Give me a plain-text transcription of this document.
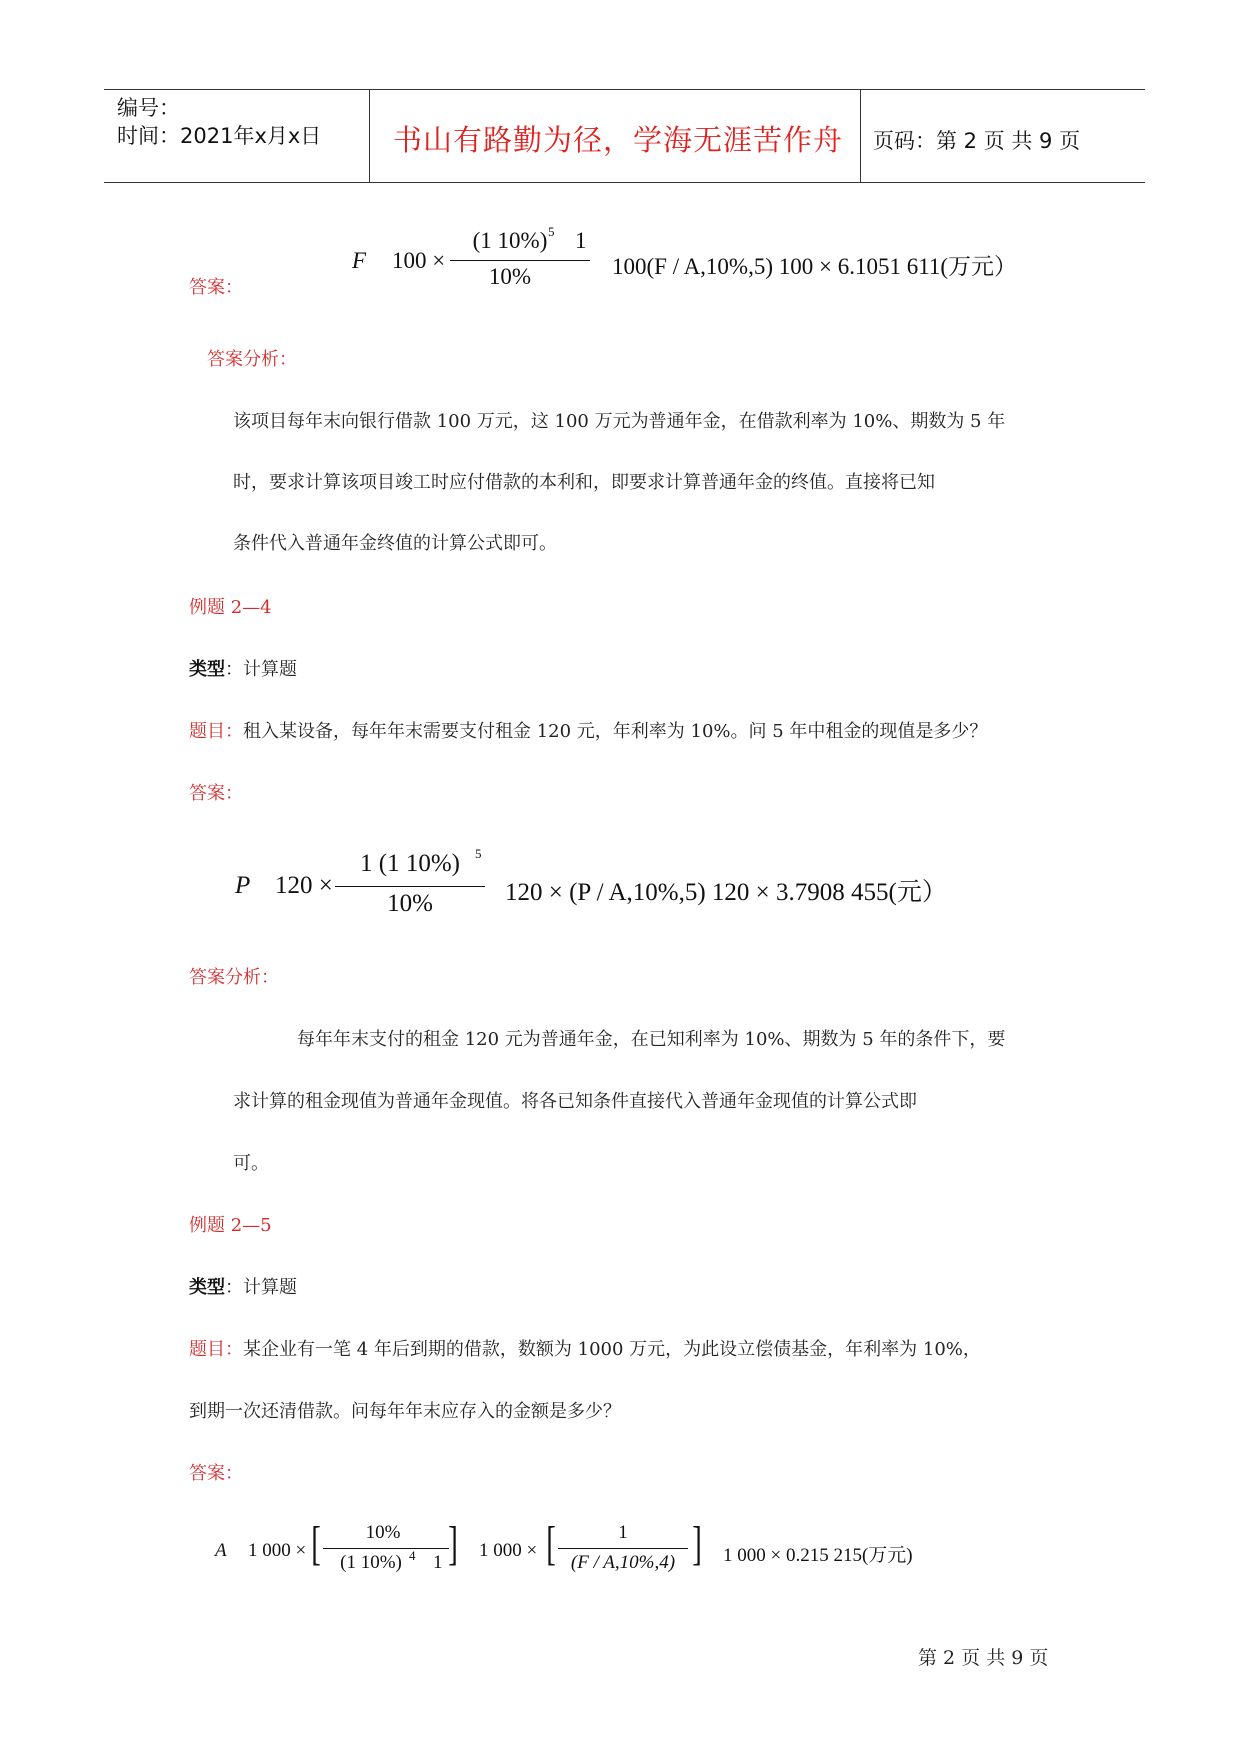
编号：
时间：2021年x月x日 书山有路勤为径，学海无涯苦作舟 页码：第 2 页 共 9 页
答案：
F 100 ×
(1 10%) 5 1
10%	100(F / A,10%,5) 100 × 6.1051 611(万元）
答案分析：
该项目每年末向银行借款 100 万元，这 100 万元为普通年金，在借款利率为 10%、期数为 5 年
时，要求计算该项目竣工时应付借款的本利和，即要求计算普通年金的终值。直接将已知
条件代入普通年金终值的计算公式即可。
例题 2—4
类型：计算题
题目：租入某设备，每年年末需要支付租金 120 元，年利率为 10%。问 5 年中租金的现值是多少？
答案：
P 120 ×
1 (1 10%)	5
10%	120 × (P / A,10%,5) 120 × 3.7908 455(元）
答案分析：
每年年末支付的租金 120 元为普通年金，在已知利率为 10%、期数为 5 年的条件下，要
求计算的租金现值为普通年金现值。将各已知条件直接代入普通年金现值的计算公式即
可。
例题 2—5
类型：计算题
题目：某企业有一笔 4 年后到期的借款，数额为 1000 万元，为此设立偿债基金，年利率为 10%，
到期一次还清借款。问每年年末应存入的金额是多少？
答案：
A 1 000 × [	10%
(1 10%) 4 1 ] 1 000 × [	1
(F / A,10%,4) ] 1 000 × 0.215 215(万元)
第 2 页 共 9 页
